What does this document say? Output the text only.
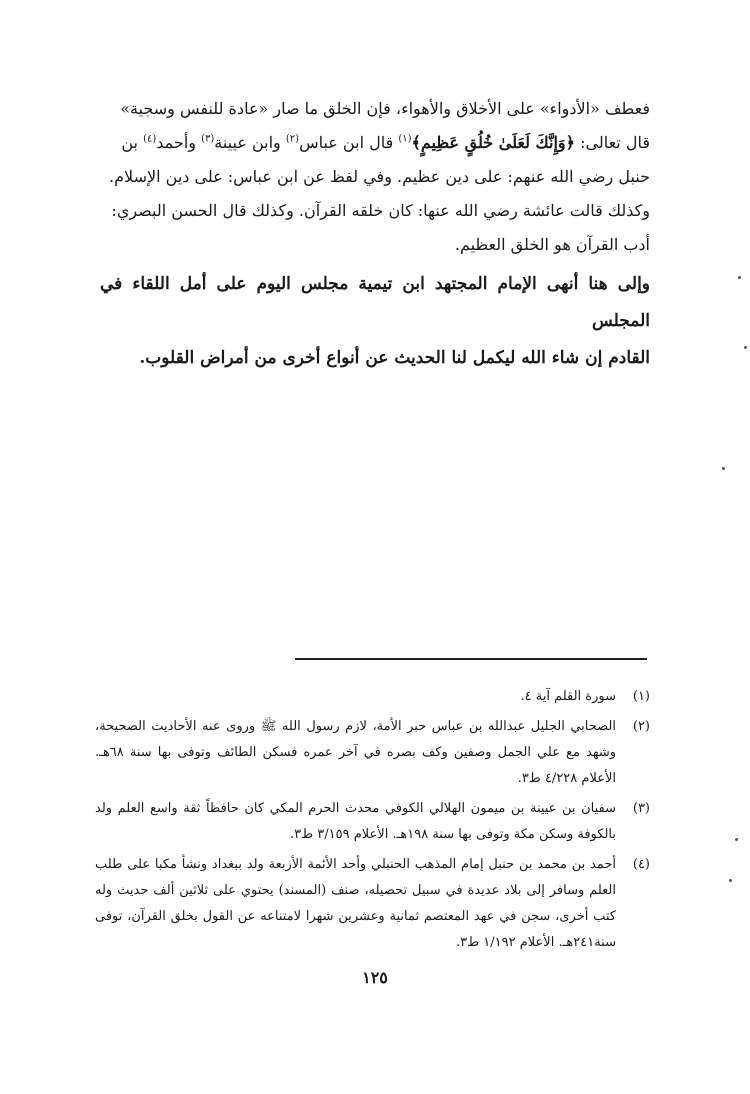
فعطف «الأدواء» على الأخلاق والأهواء، فإن الخلق ما صار «عادة للنفس وسجية»

قال تعالى: ﴿وَإِنَّكَ لَعَلَىٰ خُلُقٍ عَظِيمٍ﴾$^{(١)}$ قال ابن عباس$^{(٢)}$ وابن عيينة$^{(٣)}$ وأحمد$^{(٤)}$ بن

حنبل رضي الله عنهم: على دين عظيم. وفي لفظ عن ابن عباس: على دين الإسلام.

وكذلك قالت عائشة رضي الله عنها: كان خلقه القرآن. وكذلك قال الحسن البصري:

أدب القرآن هو الخلق العظيم.

وإلى هنا أنهى الإمام المجتهد ابن تيمية مجلس اليوم على أمل اللقاء في المجلس

القادم إن شاء الله ليكمل لنا الحديث عن أنواع أخرى من أمراض القلوب.

(١)
سورة القلم آية ٤.
(٢)
الصحابي الجليل عبدالله بن عباس حبر الأمة، لازم رسول الله ﷺ وروى عنه الأحاديث الصحيحة، وشهد مع علي الجمل وصفين وكف بصره في آخر عمره فسكن الطائف وتوفى بها سنة ٦٨هـ. الأعلام ٤/٢٢٨ ط٣.
(٣)
سفيان بن عيينة بن ميمون الهلالي الكوفي محدث الحرم المكي كان حافظاً ثقة واسع العلم ولد بالكوفة وسكن مكة وتوفى بها سنة ١٩٨هـ. الأعلام ٣/١٥٩ ط٣.
(٤)
أحمد بن محمد بن حنبل إمام المذهب الحنبلي وأحد الأئمة الأربعة ولد ببغداد ونشأ مكبا على طلب العلم وسافر إلى بلاد عديدة في سبيل تحصيله، صنف (المسند) يحتوي على ثلاثين ألف حديث وله كتب أخرى، سجن في عهد المعتصم ثمانية وعشرين شهرا لامتناعه عن القول بخلق القرآن، توفى سنة٢٤١هـ. الأعلام ١/١٩٢ ط٣.
١٢٥
